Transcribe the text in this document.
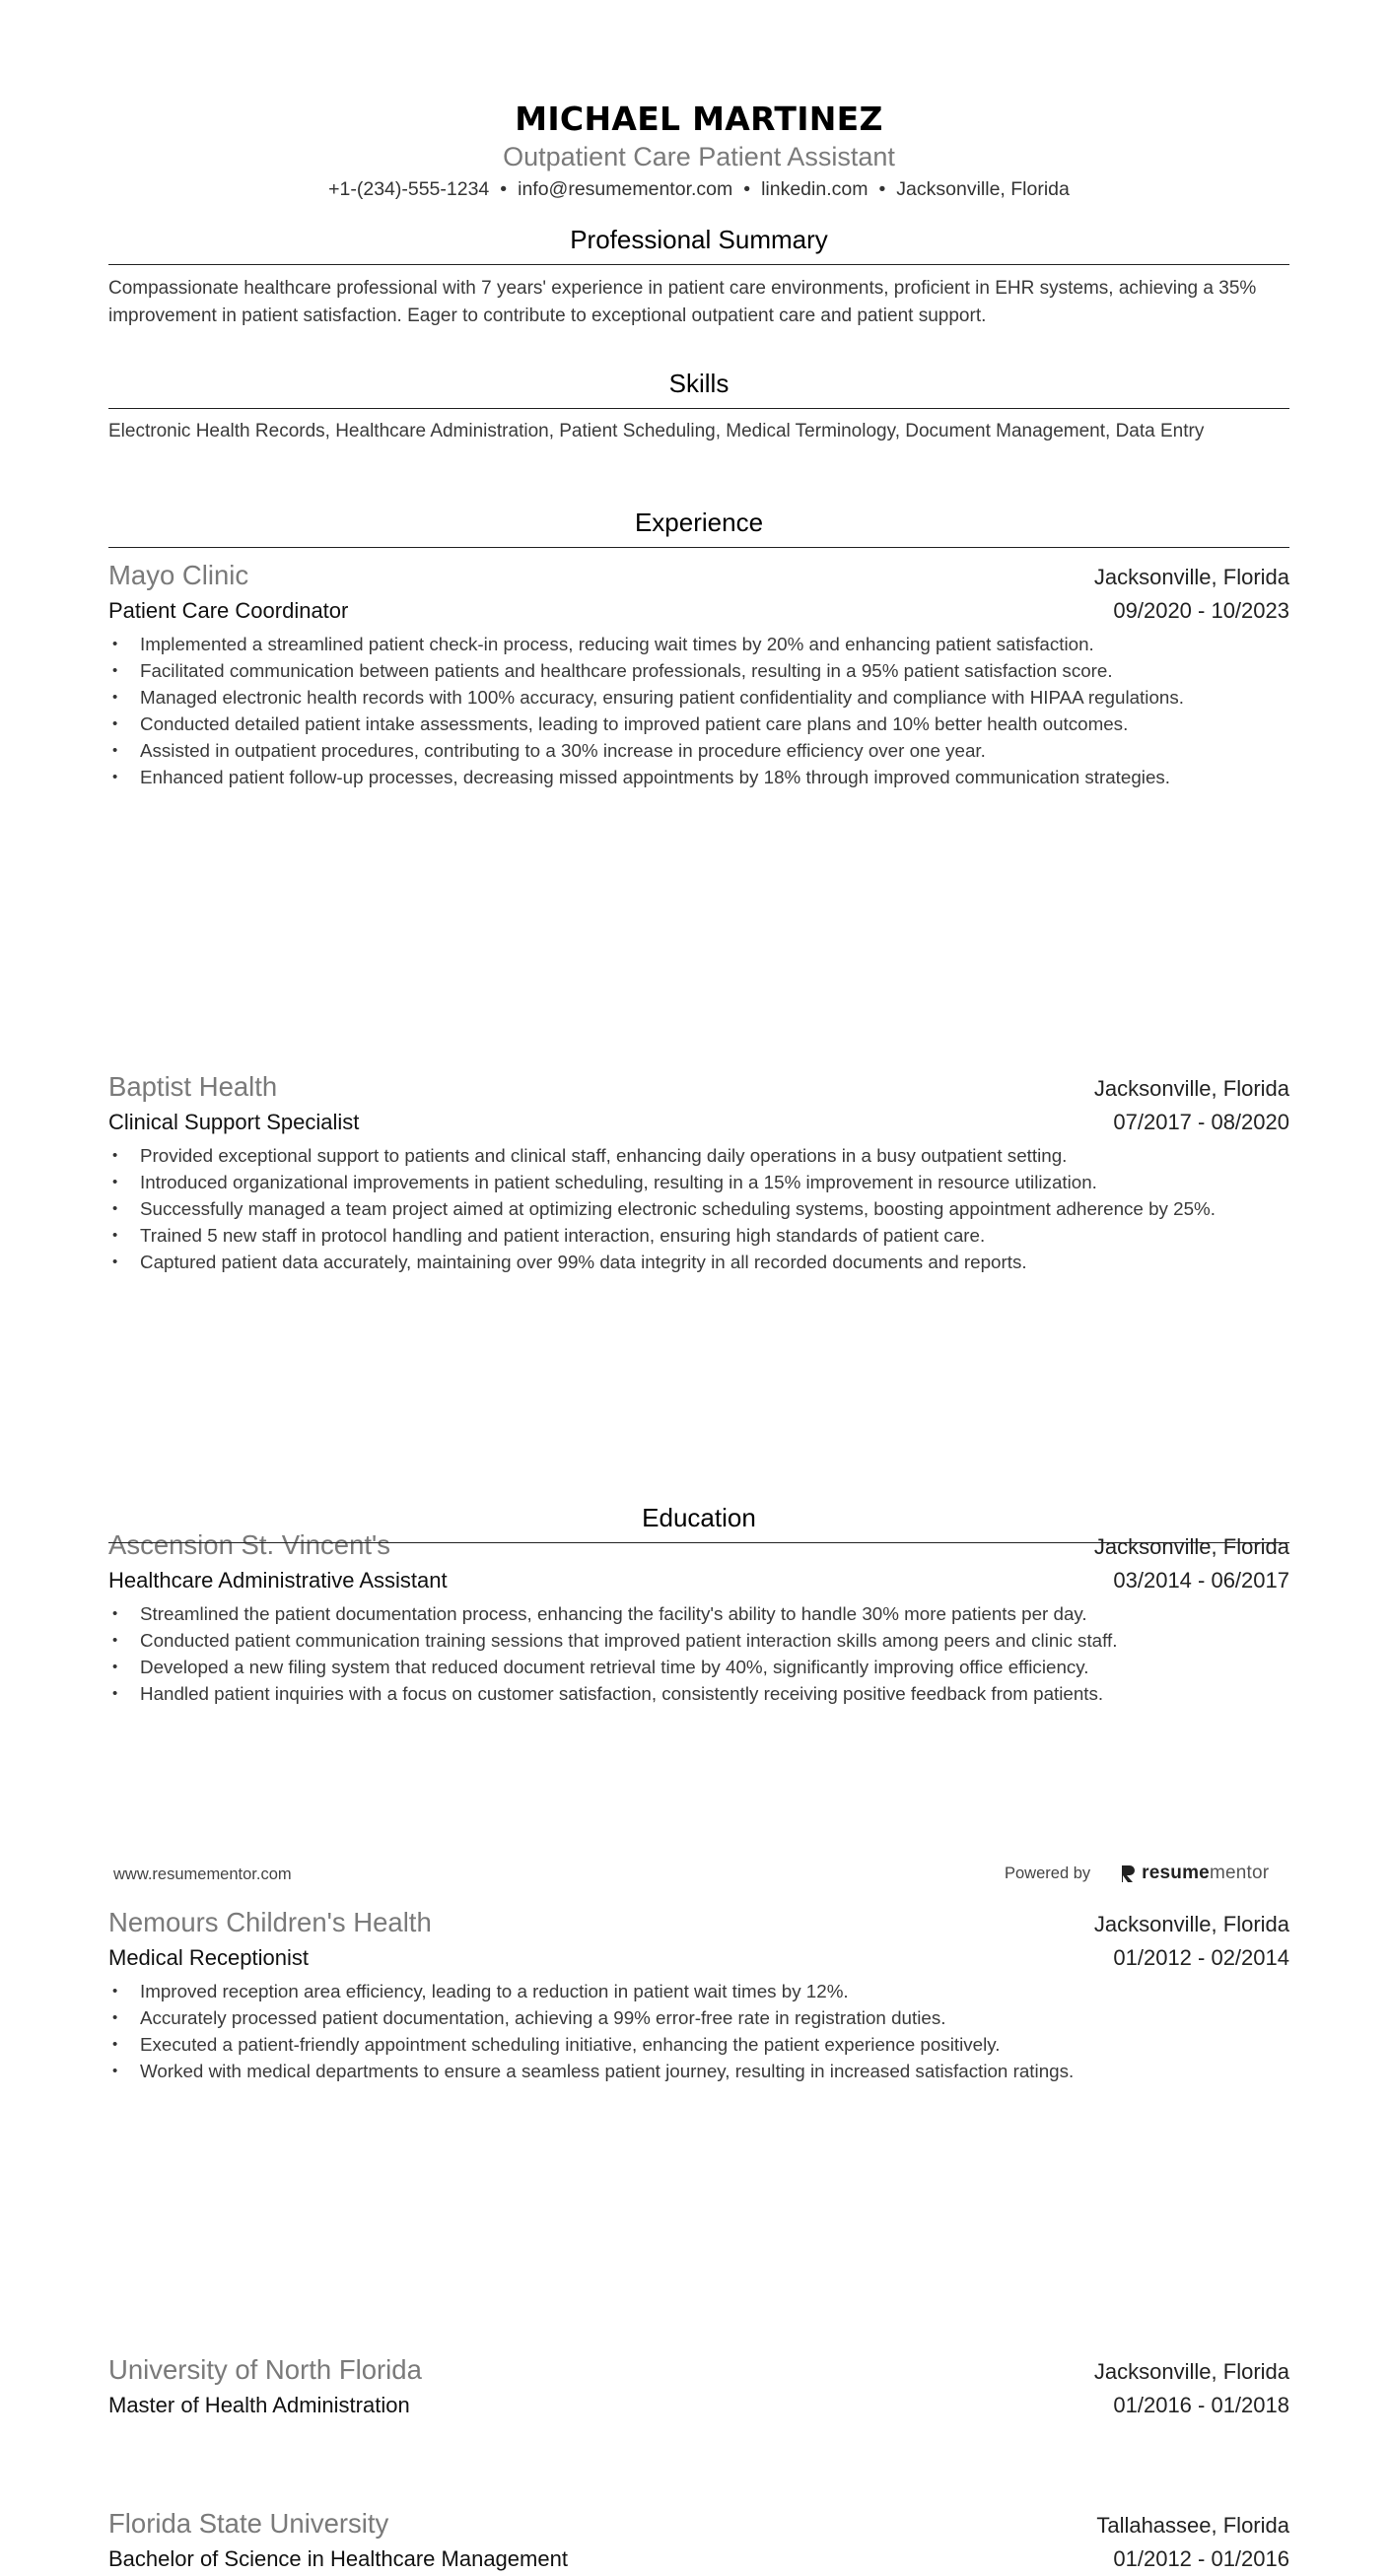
MICHAEL MARTINEZ
Outpatient Care Patient Assistant
+1-(234)-555-1234 • info@resumementor.com • linkedin.com • Jacksonville, Florida
Professional Summary
Compassionate healthcare professional with 7 years' experience in patient care environments, proficient in EHR systems, achieving a 35% improvement in patient satisfaction. Eager to contribute to exceptional outpatient care and patient support.
Skills
Electronic Health Records, Healthcare Administration, Patient Scheduling, Medical Terminology, Document Management, Data Entry
Experience
Mayo Clinic	Jacksonville, Florida
Patient Care Coordinator	09/2020 - 10/2023
• Implemented a streamlined patient check-in process, reducing wait times by 20% and enhancing patient satisfaction.
• Facilitated communication between patients and healthcare professionals, resulting in a 95% patient satisfaction score.
• Managed electronic health records with 100% accuracy, ensuring patient confidentiality and compliance with HIPAA regulations.
• Conducted detailed patient intake assessments, leading to improved patient care plans and 10% better health outcomes.
• Assisted in outpatient procedures, contributing to a 30% increase in procedure efficiency over one year.
• Enhanced patient follow-up processes, decreasing missed appointments by 18% through improved communication strategies.
Baptist Health	Jacksonville, Florida
Clinical Support Specialist	07/2017 - 08/2020
• Provided exceptional support to patients and clinical staff, enhancing daily operations in a busy outpatient setting.
• Introduced organizational improvements in patient scheduling, resulting in a 15% improvement in resource utilization.
• Successfully managed a team project aimed at optimizing electronic scheduling systems, boosting appointment adherence by 25%.
• Trained 5 new staff in protocol handling and patient interaction, ensuring high standards of patient care.
• Captured patient data accurately, maintaining over 99% data integrity in all recorded documents and reports.
Ascension St. Vincent's	Jacksonville, Florida
Healthcare Administrative Assistant	03/2014 - 06/2017
• Streamlined the patient documentation process, enhancing the facility's ability to handle 30% more patients per day.
• Conducted patient communication training sessions that improved patient interaction skills among peers and clinic staff.
• Developed a new filing system that reduced document retrieval time by 40%, significantly improving office efficiency.
• Handled patient inquiries with a focus on customer satisfaction, consistently receiving positive feedback from patients.
Nemours Children's Health	Jacksonville, Florida
Medical Receptionist	01/2012 - 02/2014
• Improved reception area efficiency, leading to a reduction in patient wait times by 12%.
• Accurately processed patient documentation, achieving a 99% error-free rate in registration duties.
• Executed a patient-friendly appointment scheduling initiative, enhancing the patient experience positively.
• Worked with medical departments to ensure a seamless patient journey, resulting in increased satisfaction ratings.
Education
University of North Florida	Jacksonville, Florida
Master of Health Administration	01/2016 - 01/2018
Florida State University	Tallahassee, Florida
Bachelor of Science in Healthcare Management	01/2012 - 01/2016
www.resumementor.com	Powered by	resumementor
